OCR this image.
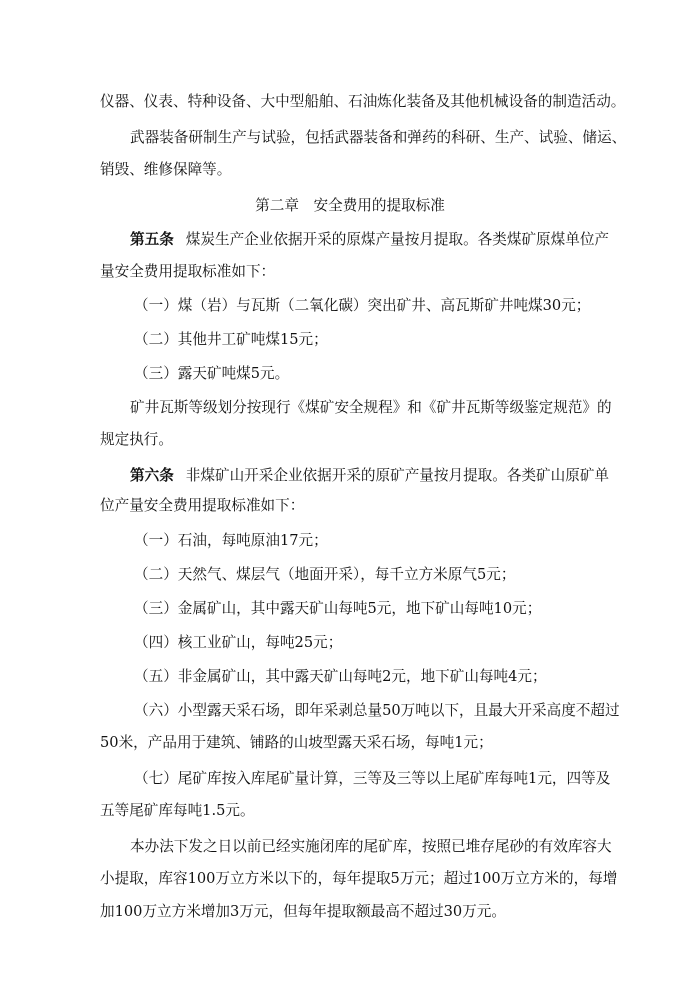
仪器、仪表、特种设备、大中型船舶、石油炼化装备及其他机械设备的制造活动。
武器装备研制生产与试验，包括武器装备和弹药的科研、生产、试验、储运、
销毁、维修保障等。
第二章　安全费用的提取标准
第五条 煤炭生产企业依据开采的原煤产量按月提取。各类煤矿原煤单位产
量安全费用提取标准如下：
（一）煤（岩）与瓦斯（二氧化碳）突出矿井、高瓦斯矿井吨煤30元；
（二）其他井工矿吨煤15元；
（三）露天矿吨煤5元。
矿井瓦斯等级划分按现行《煤矿安全规程》和《矿井瓦斯等级鉴定规范》的
规定执行。
第六条 非煤矿山开采企业依据开采的原矿产量按月提取。各类矿山原矿单
位产量安全费用提取标准如下：
（一）石油，每吨原油17元；
（二）天然气、煤层气（地面开采），每千立方米原气5元；
（三）金属矿山，其中露天矿山每吨5元，地下矿山每吨10元；
（四）核工业矿山，每吨25元；
（五）非金属矿山，其中露天矿山每吨2元，地下矿山每吨4元；
（六）小型露天采石场，即年采剥总量50万吨以下，且最大开采高度不超过
50米，产品用于建筑、铺路的山坡型露天采石场，每吨1元；
（七）尾矿库按入库尾矿量计算，三等及三等以上尾矿库每吨1元，四等及
五等尾矿库每吨1.5元。
本办法下发之日以前已经实施闭库的尾矿库，按照已堆存尾砂的有效库容大
小提取，库容100万立方米以下的，每年提取5万元；超过100万立方米的，每增
加100万立方米增加3万元，但每年提取额最高不超过30万元。
